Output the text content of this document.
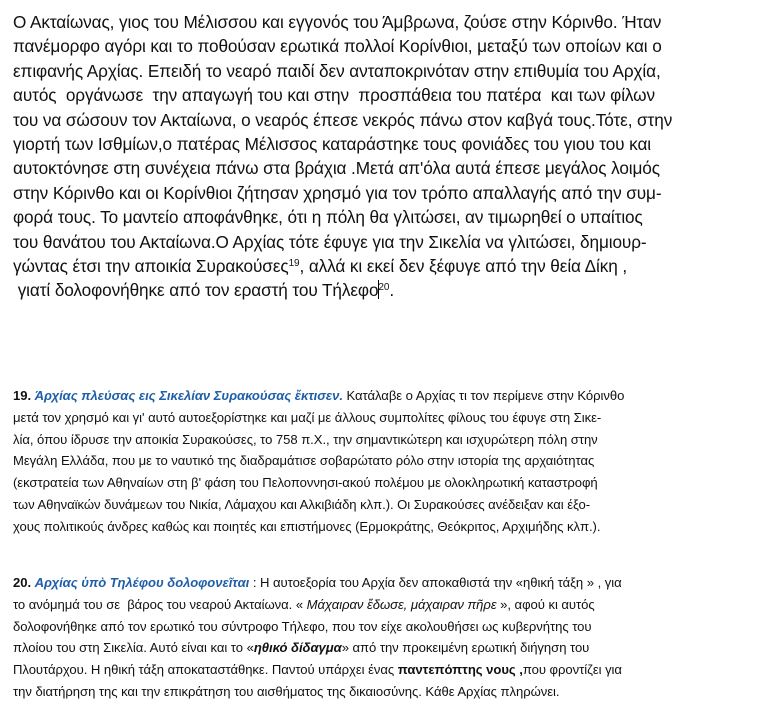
Ο Ακταίωνας, γιος του Μέλισσου και εγγονός του Άμβρωνα, ζούσε στην Κόρινθο. Ήταν
πανέμορφο αγόρι και το ποθούσαν ερωτικά πολλοί Κορίνθιοι, μεταξύ των οποίων και ο
επιφανής Αρχίας. Επειδή το νεαρό παιδί δεν ανταποκρινόταν στην επιθυμία του Αρχία,
αυτός  οργάνωσε  την απαγωγή του και στην  προσπάθεια του πατέρα  και των φίλων
του να σώσουν τον Ακταίωνα, ο νεαρός έπεσε νεκρός πάνω στον καβγά τους.Τότε, στην
γιορτή των Ισθμίων,ο πατέρας Μέλισσος καταράστηκε τους φονιάδες του γιου του και
αυτοκτόνησε στη συνέχεια πάνω στα βράχια .Μετά απ'όλα αυτά έπεσε μεγάλος λοιμός
στην Κόρινθο και οι Κορίνθιοι ζήτησαν χρησμό για τον τρόπο απαλλαγής από την συμ-
φορά τους. Το μαντείο αποφάνθηκε, ότι η πόλη θα γλιτώσει, αν τιμωρηθεί ο υπαίτιος
του θανάτου του Ακταίωνα.Ο Αρχίας τότε έφυγε για την Σικελία να γλιτώσει, δημιουρ-
γώντας έτσι την αποικία Συρακούσες$^{19}$, αλλά κι εκεί δεν ξέφυγε από την θεία Δίκη ,
γιατί δολοφονήθηκε από τον εραστή του Τήλεφο$^{20}$.

19. Άρχίας πλεύσας εις Σικελίαν Συρακούσας ἔκτισεν. Κατάλαβε ο Αρχίας τι τον περίμενε στην Κόρινθο
μετά τον χρησμό και γι' αυτό αυτοεξορίστηκε και μαζί με άλλους συμπολίτες φίλους του έφυγε στη Σικε-
λία, όπου ίδρυσε την αποικία Συρακούσες, το 758 π.Χ., την σημαντικώτερη και ισχυρώτερη πόλη στην
Μεγάλη Ελλάδα, που με το ναυτικό της διαδραμάτισε σοβαρώτατο ρόλο στην ιστορία της αρχαιότητας
(εκστρατεία των Αθηναίων στη β' φάση του Πελοποννησι-ακού πολέμου με ολοκληρωτική καταστροφή
των Αθηναϊκών δυνάμεων του Νικία, Λάμαχου και Αλκιβιάδη κλπ.). Οι Συρακούσες ανέδειξαν και έξο-
χους πολιτικούς άνδρες καθώς και ποιητές και επιστήμονες (Ερμοκράτης, Θεόκριτος, Αρχιμήδης κλπ.).

20. Αρχίας ὑπὸ Τηλέφου δολοφονεῖται : Η αυτοεξορία του Αρχία δεν αποκαθιστά την «ηθική τάξη » , για
το ανόμημά του σε  βάρος του νεαρού Ακταίωνα. « Μάχαιραν ἔδωσε, μάχαιραν πῆρε », αφού κι αυτός
δολοφονήθηκε από τον ερωτικό του σύντροφο Τήλεφο, που τον είχε ακολουθήσει ως κυβερνήτης του
πλοίου του στη Σικελία. Αυτό είναι και το «ηθικό δίδαγμα» από την προκειμένη ερωτική διήγηση του
Πλουτάρχου. Η ηθική τάξη αποκαταστάθηκε. Παντού υπάρχει ένας παντεπόπτης νους ,που φροντίζει για
την διατήρηση της και την επικράτηση του αισθήματος της δικαιοσύνης. Κάθε Αρχίας πληρώνει.
